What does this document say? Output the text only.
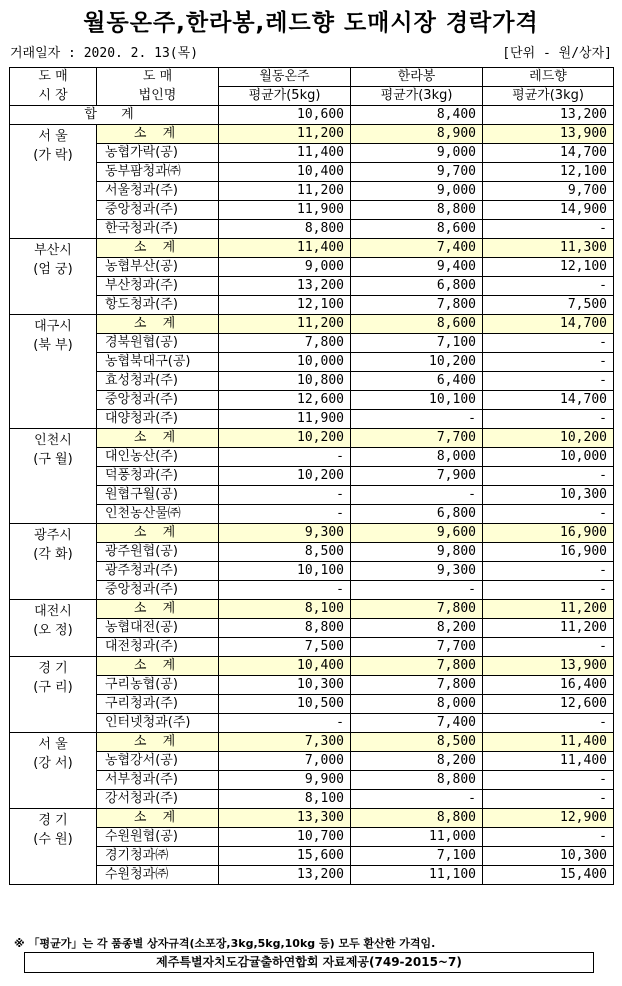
월동온주,한라봉,레드향 도매시장 경락가격
거래일자 : 2020. 2. 13(목)	[단위 - 원/상자]
도 매	도 매	월동온주	한라봉	레드향
시 장	법인명	평균가(5kg)	평균가(3kg)	평균가(3kg)
합 계		10,600	8,400	13,200

서 울
(가 락)	소 계	11,200	8,900	13,900
	농협가락(공)	11,400	9,000	14,700
	동부팜청과㈜	10,400	9,700	12,100
	서울청과(주)	11,200	9,000	9,700
	중앙청과(주)	11,900	8,800	14,900
	한국청과(주)	8,800	8,600	-

부산시
(엄 궁)	소 계	11,400	7,400	11,300
	농협부산(공)	9,000	9,400	12,100
	부산청과(주)	13,200	6,800	-
	항도청과(주)	12,100	7,800	7,500

대구시
(북 부)	소 계	11,200	8,600	14,700
	경북원협(공)	7,800	7,100	-
	농협북대구(공)	10,000	10,200	-
	효성청과(주)	10,800	6,400	-
	중앙청과(주)	12,600	10,100	14,700
	대양청과(주)	11,900	-	-

인천시
(구 월)	소 계	10,200	7,700	10,200
	대인농산(주)	-	8,000	10,000
	덕풍청과(주)	10,200	7,900	-
	원협구월(공)	-	-	10,300
	인천농산물㈜	-	6,800	-

광주시
(각 화)	소 계	9,300	9,600	16,900
	광주원협(공)	8,500	9,800	16,900
	광주청과(주)	10,100	9,300	-
	중앙청과(주)	-	-	-

대전시
(오 정)	소 계	8,100	7,800	11,200
	농협대전(공)	8,800	8,200	11,200
	대전청과(주)	7,500	7,700	-

경 기
(구 리)	소 계	10,400	7,800	13,900
	구리농협(공)	10,300	7,800	16,400
	구리청과(주)	10,500	8,000	12,600
	인터넷청과(주)	-	7,400	-

서 울
(강 서)	소 계	7,300	8,500	11,400
	농협강서(공)	7,000	8,200	11,400
	서부청과(주)	9,900	8,800	-
	강서청과(주)	8,100	-	-

경 기
(수 원)	소 계	13,300	8,800	12,900
	수원원협(공)	10,700	11,000	-
	경기청과㈜	15,600	7,100	10,300
	수원청과㈜	13,200	11,100	15,400
※ 「평균가」는 각 품종별 상자규격(소포장,3kg,5kg,10kg 등) 모두 환산한 가격임.
제주특별자치도감귤출하연합회 자료제공(749-2015~7)
